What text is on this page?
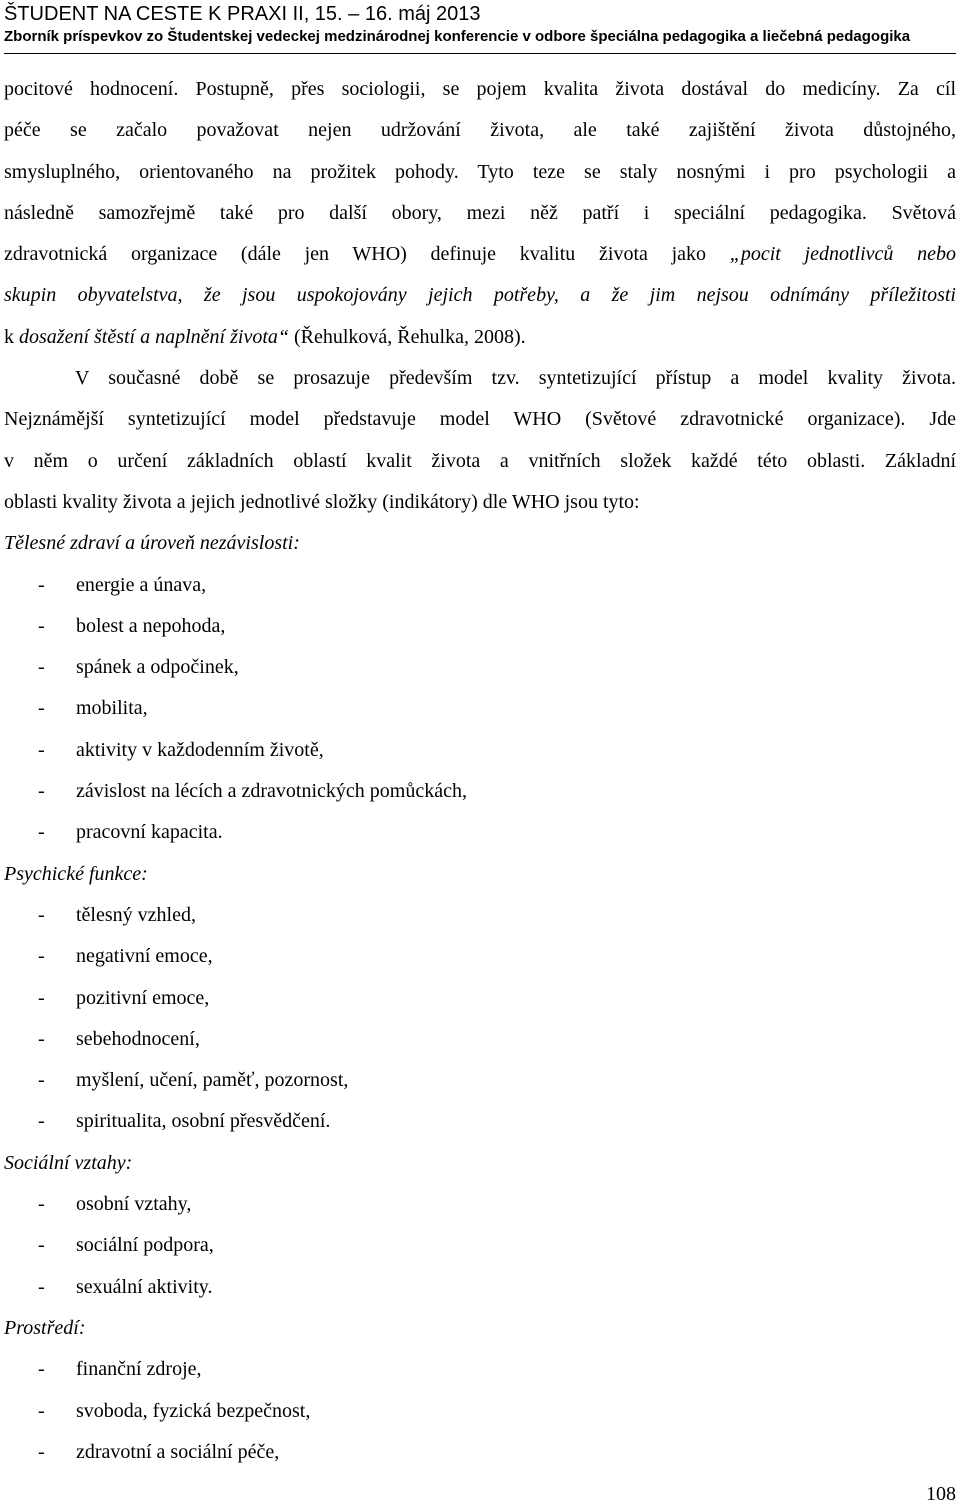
ŠTUDENT NA CESTE K PRAXI II, 15. – 16. máj 2013
Zborník príspevkov zo Študentskej vedeckej medzinárodnej konferencie v odbore špeciálna pedagogika a liečebná pedagogika
pocitové hodnocení. Postupně, přes sociologii, se pojem kvalita života dostával do medicíny. Za cíl
péče se začalo považovat nejen udržování života, ale také zajištění života důstojného,
smysluplného, orientovaného na prožitek pohody. Tyto teze se staly nosnými i pro psychologii a
následně samozřejmě také pro další obory, mezi něž patří i speciální pedagogika. Světová
zdravotnická organizace (dále jen WHO) definuje kvalitu života jako „pocit jednotlivců nebo
skupin obyvatelstva, že jsou uspokojovány jejich potřeby, a že jim nejsou odnímány příležitosti
k dosažení štěstí a naplnění života“ (Řehulková, Řehulka, 2008).
V současné době se prosazuje především tzv. syntetizující přístup a model kvality života.
Nejznámější syntetizující model představuje model WHO (Světové zdravotnické organizace). Jde
v něm o určení základních oblastí kvalit života a vnitřních složek každé této oblasti. Základní
oblasti kvality života a jejich jednotlivé složky (indikátory) dle WHO jsou tyto:
Tělesné zdraví a úroveň nezávislosti:
- energie a únava,
- bolest a nepohoda,
- spánek a odpočinek,
- mobilita,
- aktivity v každodenním životě,
- závislost na lécích a zdravotnických pomůckách,
- pracovní kapacita.
Psychické funkce:
- tělesný vzhled,
- negativní emoce,
- pozitivní emoce,
- sebehodnocení,
- myšlení, učení, paměť, pozornost,
- spiritualita, osobní přesvědčení.
Sociální vztahy:
- osobní vztahy,
- sociální podpora,
- sexuální aktivity.
Prostředí:
- finanční zdroje,
- svoboda, fyzická bezpečnost,
- zdravotní a sociální péče,
108
